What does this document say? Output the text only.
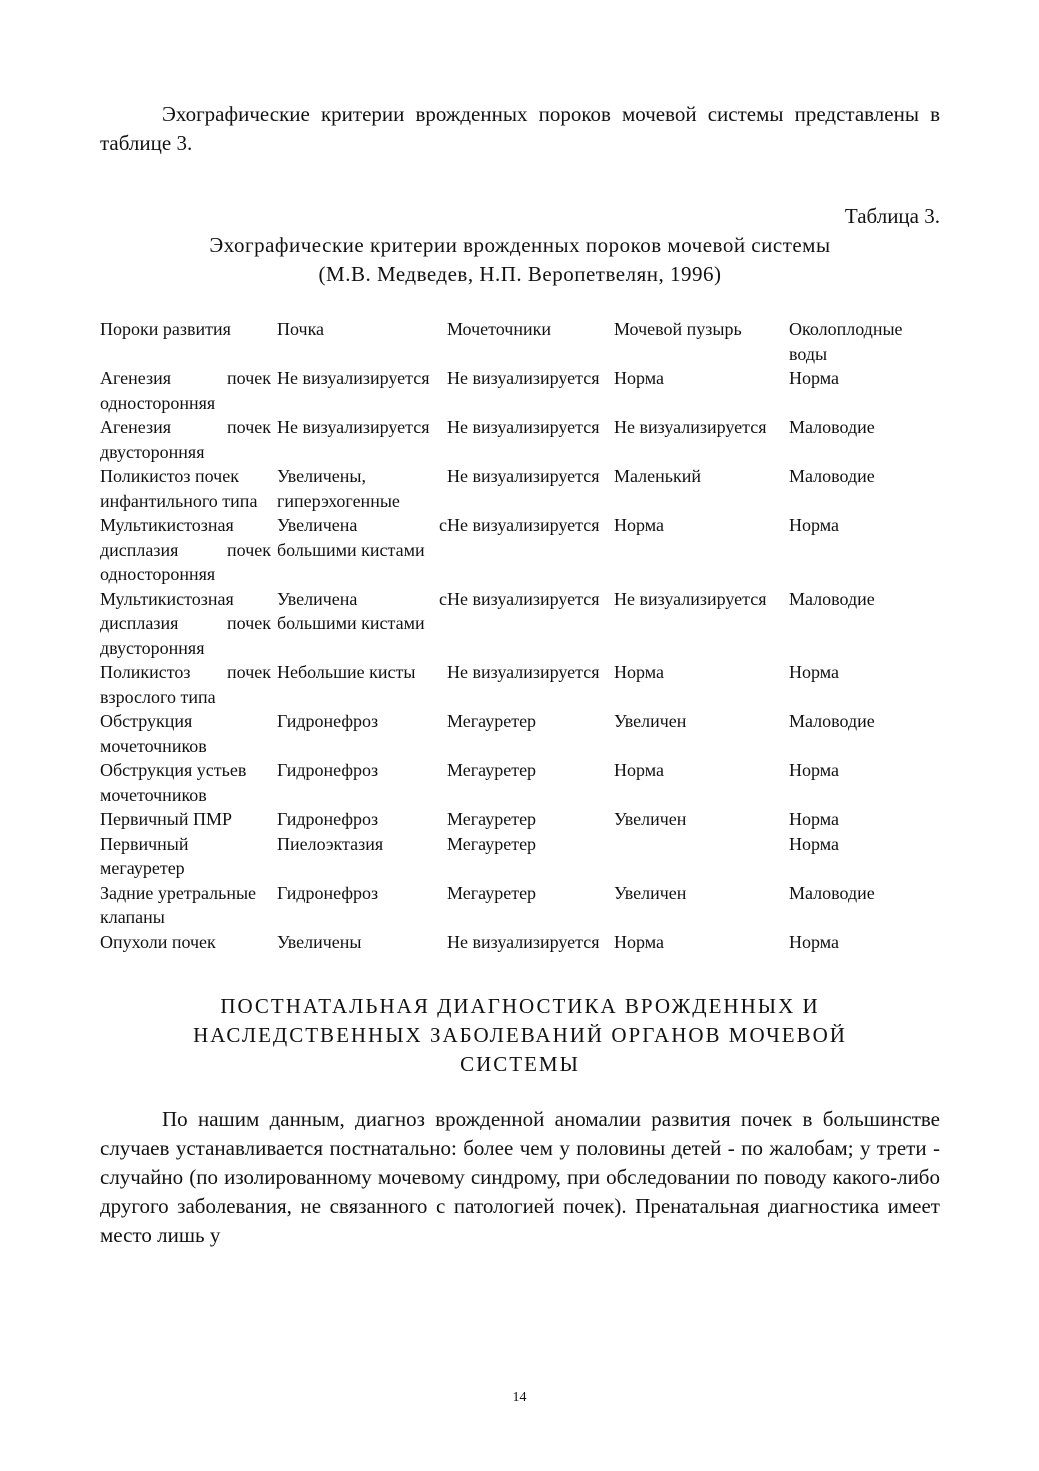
Эхографические критерии врожденных пороков мочевой системы представлены в таблице 3.

Таблица 3.

Эхографические критерии врожденных пороков мочевой системы

(М.В. Медведев, Н.П. Веропетвелян, 1996)

Пороки развития	Почка	Мочеточники	Мочевой пузырь	Околоплодные воды
Агенезия почек односторонняя	Не визуализируется	Не визуализируется	Норма	Норма
Агенезия почек двусторонняя	Не визуализируется	Не визуализируется	Не визуализируется	Маловодие
Поликистоз почек инфантильного типа	Увеличены, гиперэхогенные	Не визуализируется	Маленький	Маловодие
Мультикистозная дисплазия почек односторонняя	Увеличена с большими кистами	Не визуализируется	Норма	Норма
Мультикистозная дисплазия почек двусторонняя	Увеличена с большими кистами	Не визуализируется	Не визуализируется	Маловодие
Поликистоз почек взрослого типа	Небольшие кисты	Не визуализируется	Норма	Норма
Обструкция мочеточников	Гидронефроз	Мегауретер	Увеличен	Маловодие
Обструкция устьев мочеточников	Гидронефроз	Мегауретер	Норма	Норма
Первичный ПМР	Гидронефроз	Мегауретер	Увеличен	Норма
Первичный мегауретер	Пиелоэктазия	Мегауретер		Норма
Задние уретральные клапаны	Гидронефроз	Мегауретер	Увеличен	Маловодие
Опухоли почек	Увеличены	Не визуализируется	Норма	Норма
ПОСТНАТАЛЬНАЯ ДИАГНОСТИКА ВРОЖДЕННЫХ И
НАСЛЕДСТВЕННЫХ ЗАБОЛЕВАНИЙ ОРГАНОВ МОЧЕВОЙ
СИСТЕМЫ

По нашим данным, диагноз врожденной аномалии развития почек в большинстве случаев устанавливается постнатально: более чем у половины детей - по жалобам; у трети - случайно (по изолированному мочевому синдрому, при обследовании по поводу какого-либо другого заболевания, не связанного с патологией почек). Пренатальная диагностика имеет место лишь у

14
